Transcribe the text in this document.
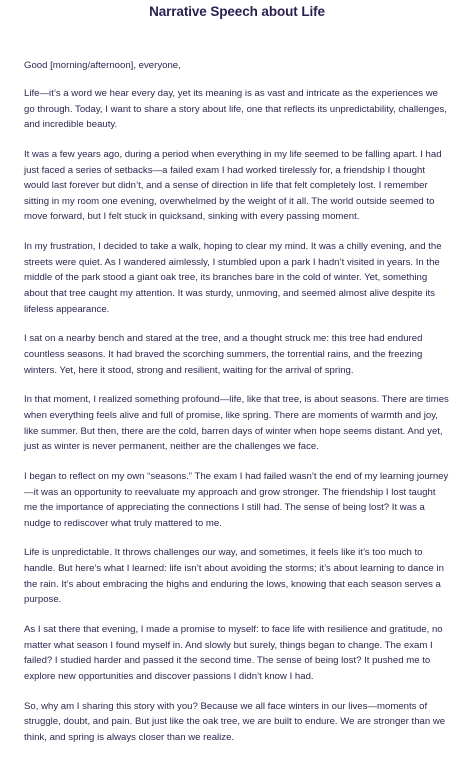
Narrative Speech about Life

Good [morning/afternoon], everyone,

Life—it’s a word we hear every day, yet its meaning is as vast and intricate as the experiences we go through. Today, I want to share a story about life, one that reflects its unpredictability, challenges, and incredible beauty.

It was a few years ago, during a period when everything in my life seemed to be falling apart. I had just faced a series of setbacks—a failed exam I had worked tirelessly for, a friendship I thought would last forever but didn’t, and a sense of direction in life that felt completely lost. I remember sitting in my room one evening, overwhelmed by the weight of it all. The world outside seemed to move forward, but I felt stuck in quicksand, sinking with every passing moment.

In my frustration, I decided to take a walk, hoping to clear my mind. It was a chilly evening, and the streets were quiet. As I wandered aimlessly, I stumbled upon a park I hadn’t visited in years. In the middle of the park stood a giant oak tree, its branches bare in the cold of winter. Yet, something about that tree caught my attention. It was sturdy, unmoving, and seemed almost alive despite its lifeless appearance.

I sat on a nearby bench and stared at the tree, and a thought struck me: this tree had endured countless seasons. It had braved the scorching summers, the torrential rains, and the freezing winters. Yet, here it stood, strong and resilient, waiting for the arrival of spring.

In that moment, I realized something profound—life, like that tree, is about seasons. There are times when everything feels alive and full of promise, like spring. There are moments of warmth and joy, like summer. But then, there are the cold, barren days of winter when hope seems distant. And yet, just as winter is never permanent, neither are the challenges we face.

I began to reflect on my own “seasons.” The exam I had failed wasn’t the end of my learning journey—it was an opportunity to reevaluate my approach and grow stronger. The friendship I lost taught me the importance of appreciating the connections I still had. The sense of being lost? It was a nudge to rediscover what truly mattered to me.

Life is unpredictable. It throws challenges our way, and sometimes, it feels like it’s too much to handle. But here’s what I learned: life isn’t about avoiding the storms; it’s about learning to dance in the rain. It’s about embracing the highs and enduring the lows, knowing that each season serves a purpose.

As I sat there that evening, I made a promise to myself: to face life with resilience and gratitude, no matter what season I found myself in. And slowly but surely, things began to change. The exam I failed? I studied harder and passed it the second time. The sense of being lost? It pushed me to explore new opportunities and discover passions I didn’t know I had.

So, why am I sharing this story with you? Because we all face winters in our lives—moments of struggle, doubt, and pain. But just like the oak tree, we are built to endure. We are stronger than we think, and spring is always closer than we realize.
